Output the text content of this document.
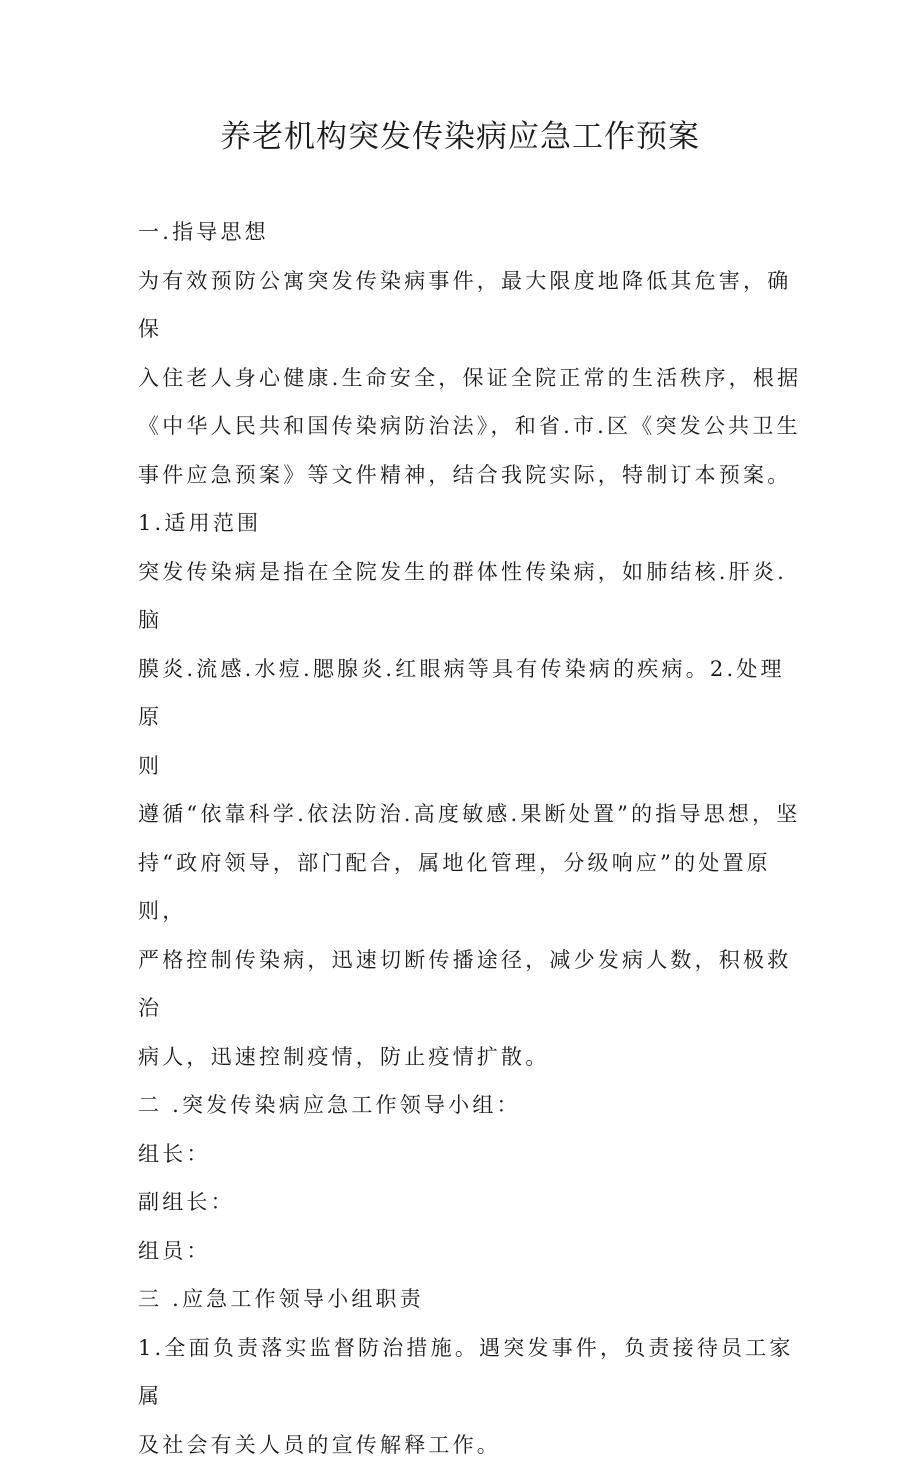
养老机构突发传染病应急工作预案

一.指导思想

为有效预防公寓突发传染病事件，最大限度地降低其危害，确保

入住老人身心健康.生命安全，保证全院正常的生活秩序，根据

《中华人民共和国传染病防治法》，和省.市.区《突发公共卫生

事件应急预案》等文件精神，结合我院实际，特制订本预案。

1.适用范围

突发传染病是指在全院发生的群体性传染病，如肺结核.肝炎.脑

膜炎.流感.水痘.腮腺炎.红眼病等具有传染病的疾病。2.处理原

则

遵循“依靠科学.依法防治.高度敏感.果断处置”的指导思想，坚

持“政府领导，部门配合，属地化管理，分级响应”的处置原则，

严格控制传染病，迅速切断传播途径，减少发病人数，积极救治

病人，迅速控制疫情，防止疫情扩散。

二 .突发传染病应急工作领导小组：

组长：

副组长：

组员：

三 .应急工作领导小组职责

1.全面负责落实监督防治措施。遇突发事件，负责接待员工家属

及社会有关人员的宣传解释工作。
